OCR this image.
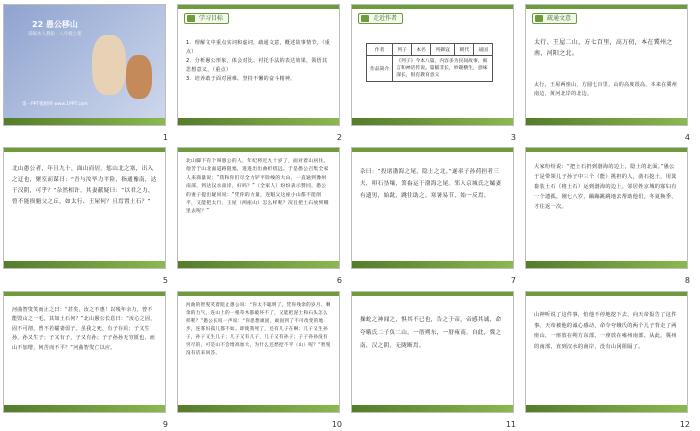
22 愚公移山
部编本人教版 · 八年级上册
第一PPT模板网 www.1PPT.com
1
学习目标
1．理解文中重点实词和虚词，疏通文意，概述故事情节。（重点）
2．分析愚公形象，体会对比、衬托手法的表达效果，领悟其思想意义。（重点）
3．培养敢于面对困难、坚持不懈的奋斗精神。
2
走近作者
作者	列子	本名	列御寇	朝代	战国
作品简介	《列子》今本八篇，内容多为民间故事、寓言和神话传说。篇幅非长，妙趣横生，意味深长，很有教育意义				
3
疏通文意
太行、王屋二山，方七百里，高万仞，本在冀州之南，河阳之北。
太行、王屋两座山，方圆七百里，山的高度很高，本来在冀州南边，黄河北岸的北边。
4
北山愚公者，年且九十，面山而居。惩山北之塞，出入之迂也，聚室而谋曰：“吾与汝毕力平险，指通豫南，达于汉阴，可乎？”杂然相许。其妻献疑曰：“以君之力，曾不能损魁父之丘，如太行、王屋何？且焉置土石？”
5
北山脚下有个叫愚公的人，年纪将近九十岁了，面对着山居住。他苦于山北面道路阻塞，进进出出曲折绕远。于是愚公召集全家人来商量说：“我和你们尽全力铲平险峻的大山，一直通到豫州南部，到达汉水南岸，好吗？”（全家人）纷纷表示赞同。愚公的妻子提出疑问说：“凭你的力量，连魁父这座小山都不能削平，又能把太行、王屋（两座山）怎么样呢？况且把土石放到哪里去呢？”
6
杂曰：“投诸渤海之尾，隐土之北。”遂率子孙荷担者三夫，叩石垦壤，箕畚运于渤海之尾。邻人京城氏之孀妻有遗男，始龀，跳往助之。寒暑易节，始一反焉。
7
大家纷纷说：“把土石扔到渤海的边上，隐土的北面。”愚公于是带领儿子孙子中三个（能）挑担的人，凿石挖土，用箕畚装土石（将土石）运到渤海的边上。邻居姓京城的寡妇有一个遗孤，刚七八岁，蹦蹦跳跳地去帮助他们。冬夏换季，才往返一次。
8
河曲智叟笑而止之曰：“甚矣，汝之不惠！以残年余力，曾不能毁山之一毛，其如土石何？”北山愚公长息曰：“汝心之固，固不可彻，曾不若孀妻弱子。虽我之死，有子存焉；子又生孙，孙又生子；子又有子，子又有孙；子子孙孙无穷匮也，而山不加增，何苦而不平？”河曲智叟亡以应。
9
河曲的智叟笑着阻止愚公说：“你太不聪明了。凭你残余的岁月、剩余的力气，连山上的一根草木都破坏不了，又能把泥土和石头怎么样呢？”愚公长叹一声说：“你思想顽固，顽固到了不可改变的地步，连寡妇孤儿都不如。即使我死了，还有儿子在啊；儿子又生孙子，孙子又生儿子；儿子又有儿子，儿子又有孙子；子子孙孙没有穷尽的，可是山不会增高加大，为什么还愁挖不平（山）呢？”智叟没有话来回答。
10
操蛇之神闻之，惧其不已也，告之于帝。帝感其诚，命夸娥氏二子负二山，一厝朔东，一厝雍南。自此，冀之南，汉之阴，无陇断焉。
11
山神听说了这件事，怕他不停地挖下去，向天帝报告了这件事。天帝被他的诚心感动，命令夸娥氏的两个儿子背走了两座山，一座放在朔方东部，一座放在雍州南部。从此，冀州的南部，直到汉水的南岸，没有山冈阻隔了。
12
